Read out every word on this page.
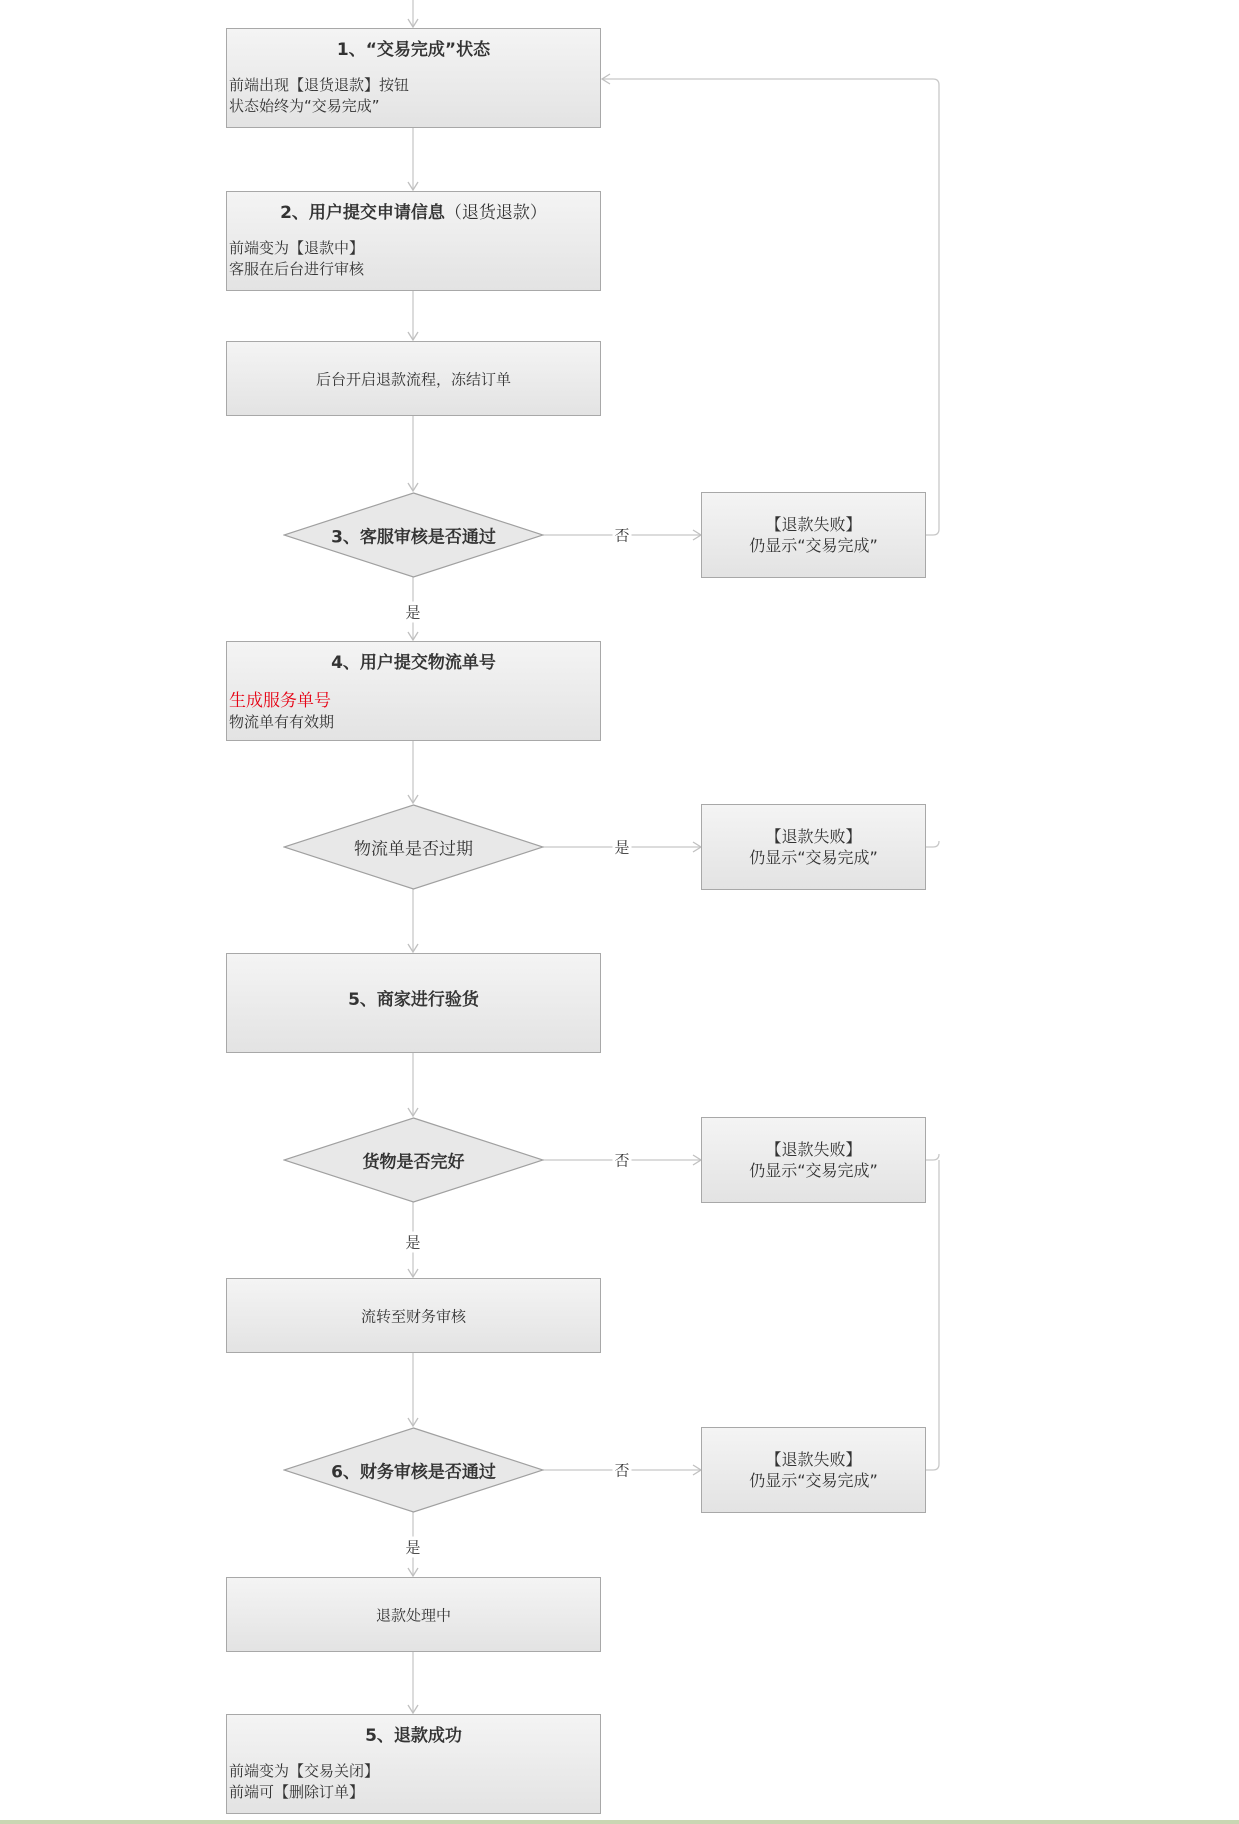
1、“交易完成”状态
前端出现【退货退款】按钮
状态始终为“交易完成”
2、用户提交申请信息（退货退款）
前端变为【退款中】
客服在后台进行审核
后台开启退款流程，冻结订单
3、客服审核是否通过
4、用户提交物流单号
生成服务单号
物流单有有效期
物流单是否过期
5、商家进行验货
货物是否完好
流转至财务审核
6、财务审核是否通过
退款处理中
5、退款成功
前端变为【交易关闭】
前端可【删除订单】
【退款失败】
仍显示“交易完成”
【退款失败】
仍显示“交易完成”
【退款失败】
仍显示“交易完成”
【退款失败】
仍显示“交易完成”
否
是
是
否
是
否
是
